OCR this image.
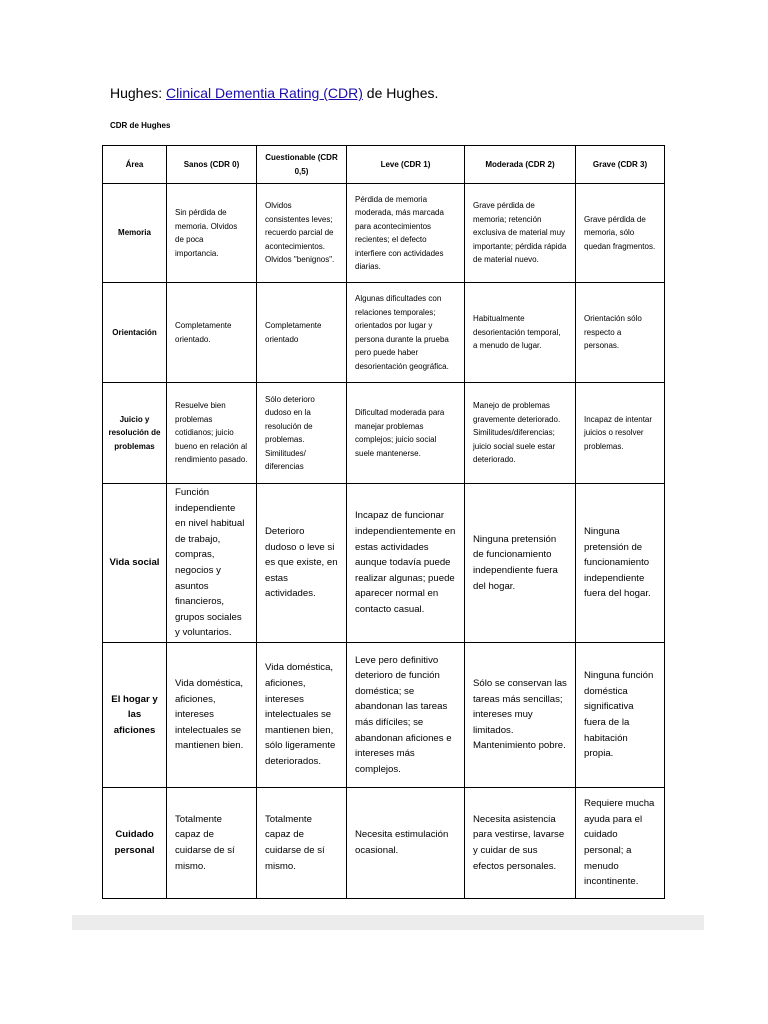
Hughes: Clinical Dementia Rating (CDR) de Hughes.
CDR de Hughes
Área	Sanos (CDR 0)	Cuestionable (CDR 0,5)	Leve (CDR 1)	Moderada (CDR 2)	Grave (CDR 3)
Memoria	Sin pérdida de memoria. Olvidos de poca importancia.	Olvidos consistentes leves; recuerdo parcial de acontecimientos. Olvidos "benignos".	Pérdida de memoria moderada, más marcada para acontecimientos recientes; el defecto interfiere con actividades diarias.	Grave pérdida de memoria; retención exclusiva de material muy importante; pérdida rápida de material nuevo.	Grave pérdida de memoria, sólo quedan fragmentos.
Orientación	Completamente orientado.	Completamente orientado	Algunas dificultades con relaciones temporales; orientados por lugar y persona durante la prueba pero puede haber desorientación geográfica.	Habitualmente desorientación temporal, a menudo de lugar.	Orientación sólo respecto a personas.
Juicio y resolución de problemas	Resuelve bien problemas cotidianos; juicio bueno en relación al rendimiento pasado.	Sólo deterioro dudoso en la resolución de problemas. Similitudes/ diferencias	Dificultad moderada para manejar problemas complejos; juicio social suele mantenerse.	Manejo de problemas gravemente deteriorado. Similitudes/diferencias; juicio social suele estar deteriorado.	Incapaz de intentar juicios o resolver problemas.
Vida social	Función independiente en nivel habitual de trabajo, compras, negocios y asuntos financieros, grupos sociales y voluntarios.	Deterioro dudoso o leve si es que existe, en estas actividades.	Incapaz de funcionar independientemente en estas actividades aunque todavía puede realizar algunas; puede aparecer normal en contacto casual.	Ninguna pretensión de funcionamiento independiente fuera del hogar.	Ninguna pretensión de funcionamiento independiente fuera del hogar.
El hogar y las aficiones	Vida doméstica, aficiones, intereses intelectuales se mantienen bien.	Vida doméstica, aficiones, intereses intelectuales se mantienen bien, sólo ligeramente deteriorados.	Leve pero definitivo deterioro de función doméstica; se abandonan las tareas más difíciles; se abandonan aficiones e intereses más complejos.	Sólo se conservan las tareas más sencillas; intereses muy limitados. Mantenimiento pobre.	Ninguna función doméstica significativa fuera de la habitación propia.
Cuidado personal	Totalmente capaz de cuidarse de sí mismo.	Totalmente capaz de cuidarse de sí mismo.	Necesita estimulación ocasional.	Necesita asistencia para vestirse, lavarse y cuidar de sus efectos personales.	Requiere mucha ayuda para el cuidado personal; a menudo incontinente.
